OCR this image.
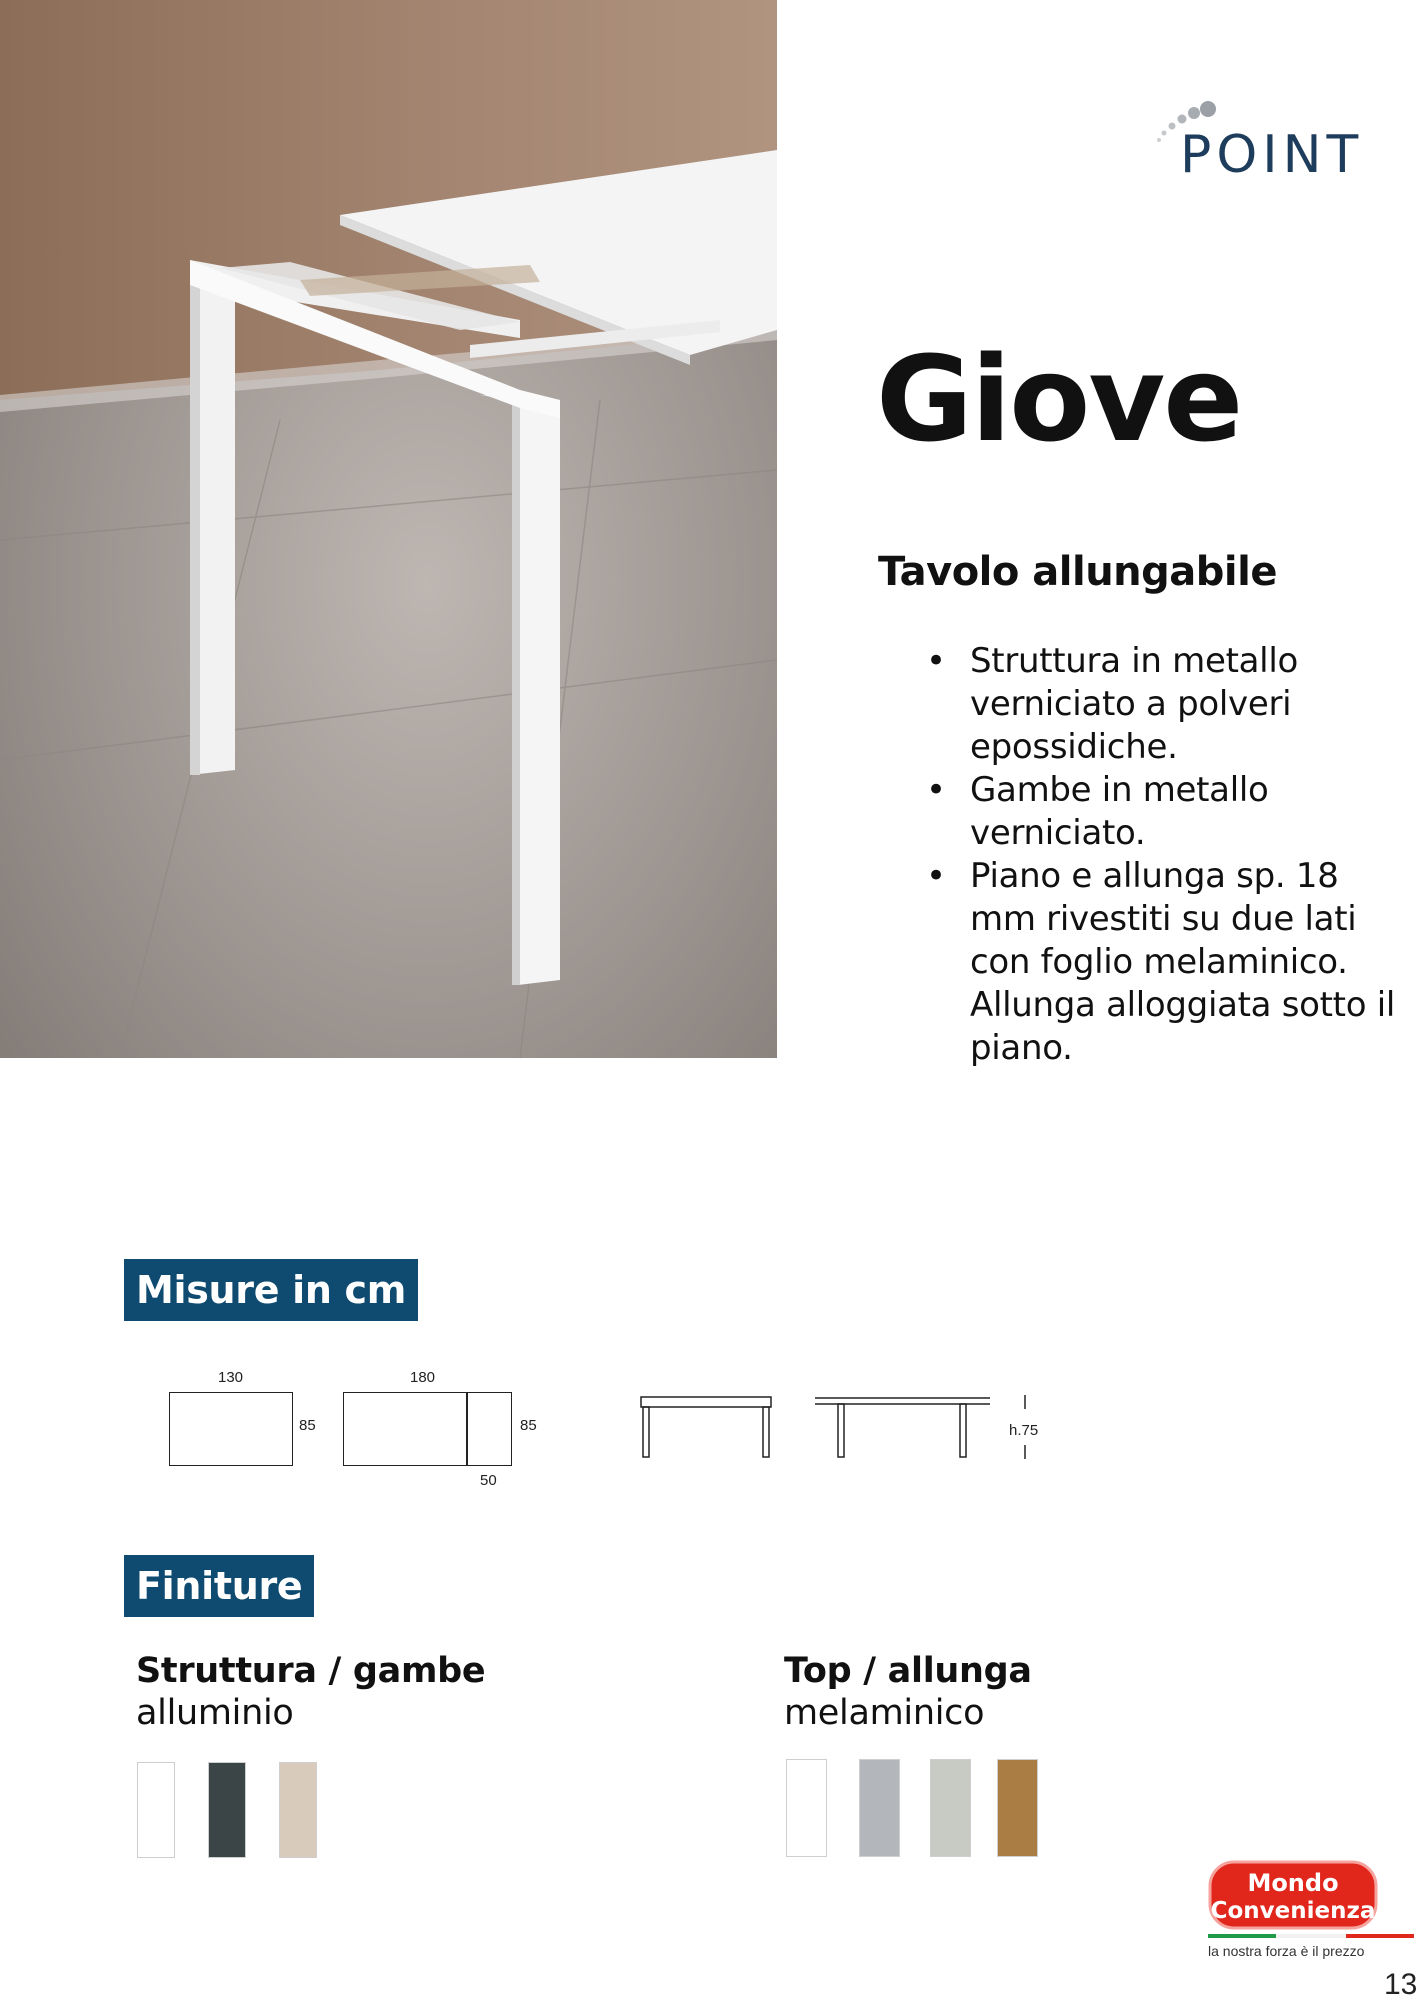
POINT
Giove
Tavolo allungabile
• Struttura in metallo verniciato a polveri epossidiche.
• Gambe in metallo verniciato.
• Piano e allunga sp. 18 mm rivestiti su due lati con foglio melaminico. Allunga alloggiata sotto il piano.
Misure in cm
130
85
180
85
50
h.75
Finiture
Struttura / gambe
alluminio
Top / allunga
melaminico
Mondo
Convenienza
la nostra forza è il prezzo
13
